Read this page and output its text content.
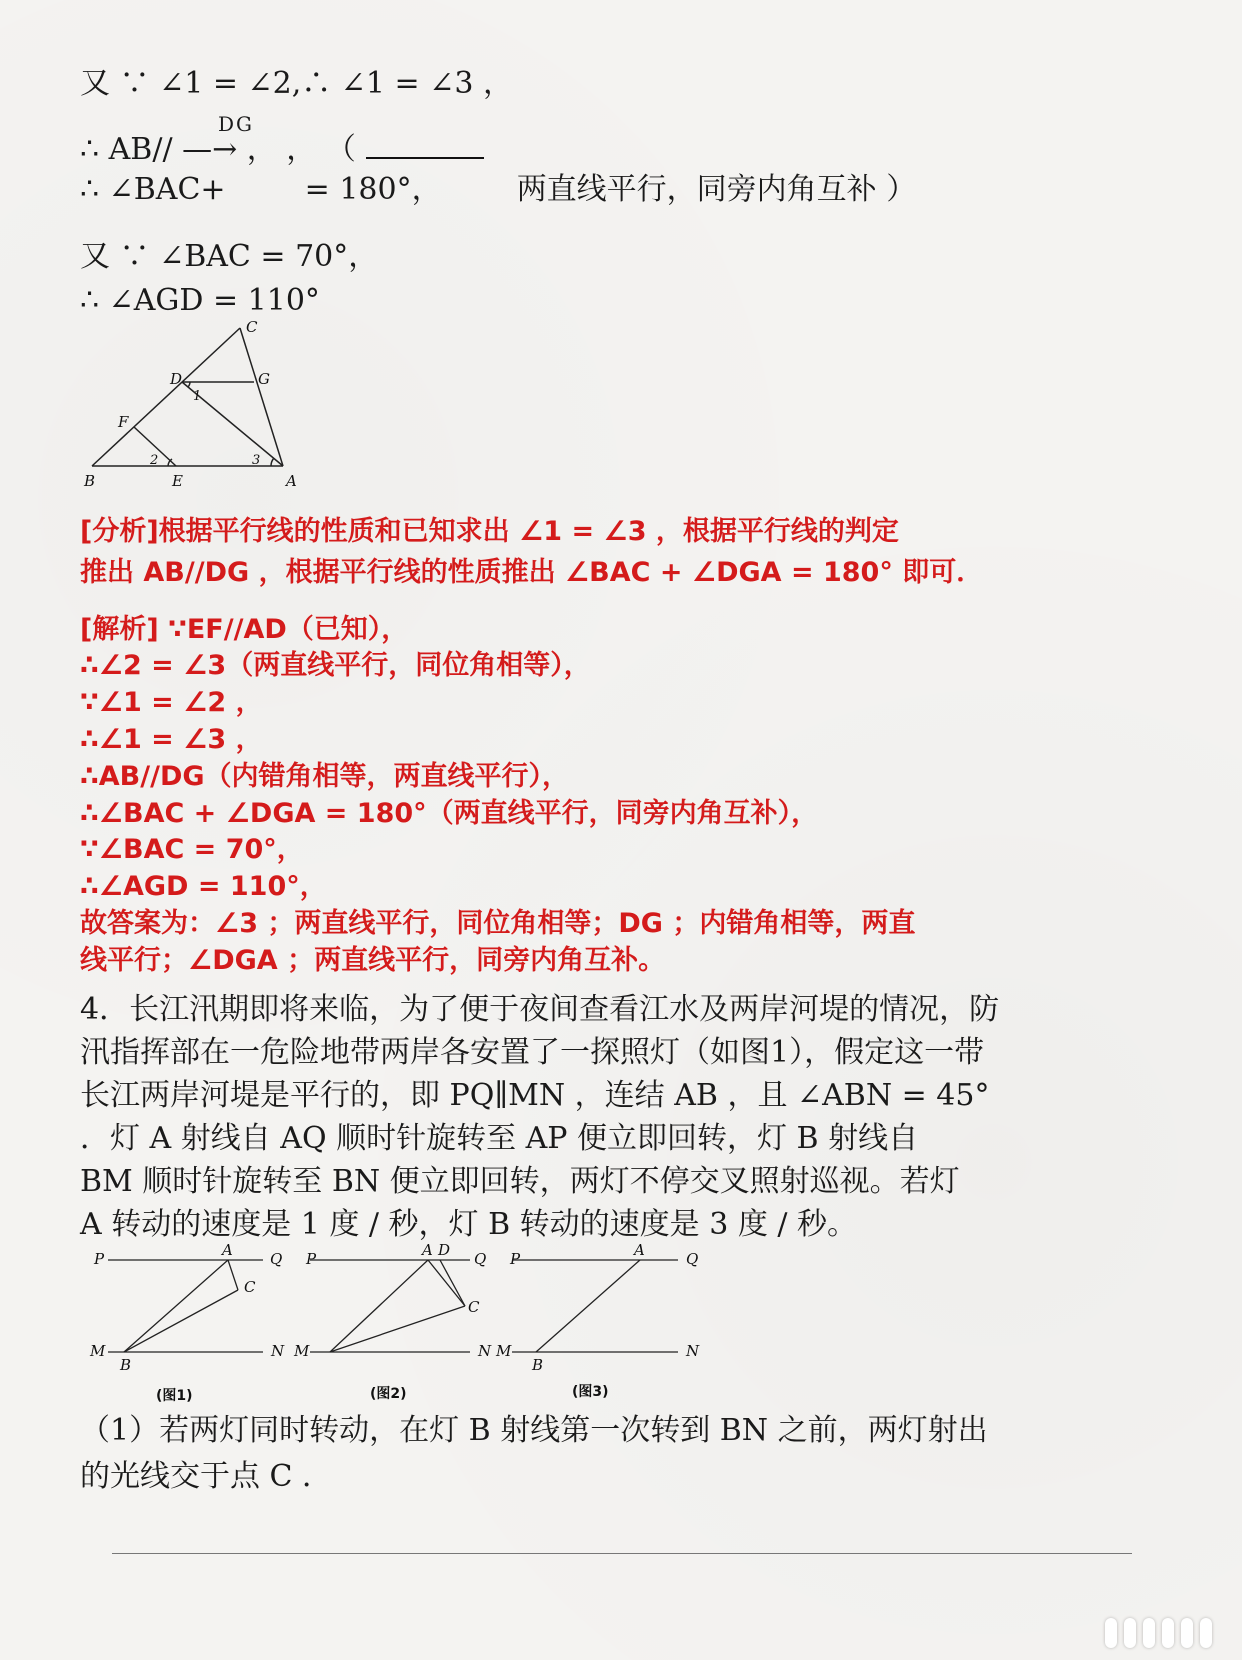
又 ∵ ∠1 = ∠2,∴ ∠1 = ∠3 ，
DG
∴ AB// —→ ， ， （
∴ ∠BAC+	= 180°，	两直线平行，同旁内角互补 ）
又 ∵ ∠BAC = 70°，
∴ ∠AGD = 110°
C
D	G
1
F
2	3
B	E	A
[分析]根据平行线的性质和已知求出 ∠1 = ∠3 ，根据平行线的判定
推出 AB//DG ，根据平行线的性质推出 ∠BAC + ∠DGA = 180° 即可．
[解析] ∵EF//AD（已知），
∴∠2 = ∠3（两直线平行，同位角相等），
∵∠1 = ∠2 ，
∴∠1 = ∠3 ，
∴AB//DG（内错角相等，两直线平行），
∴∠BAC + ∠DGA = 180°（两直线平行，同旁内角互补），
∵∠BAC = 70°，
∴∠AGD = 110°，
故答案为：∠3 ；两直线平行，同位角相等；DG ；内错角相等，两直
线平行；∠DGA ；两直线平行，同旁内角互补。
4．长江汛期即将来临，为了便于夜间查看江水及两岸河堤的情况，防
汛指挥部在一危险地带两岸各安置了一探照灯（如图1），假定这一带
长江两岸河堤是平行的，即 PQ∥MN ，连结 AB ，且 ∠ABN = 45°
．灯 A 射线自 AQ 顺时针旋转至 AP 便立即回转，灯 B 射线自
BM 顺时针旋转至 BN 便立即回转，两灯不停交叉照射巡视。若灯
A 转动的速度是 1 度 / 秒，灯 B 转动的速度是 3 度 / 秒。
P	A Q
C
M
B
N
P	A D Q
C
M	N
P	A	Q
M
B
N
(图1)	(图2)	(图3)
（1）若两灯同时转动，在灯 B 射线第一次转到 BN 之前，两灯射出
的光线交于点 C ．
